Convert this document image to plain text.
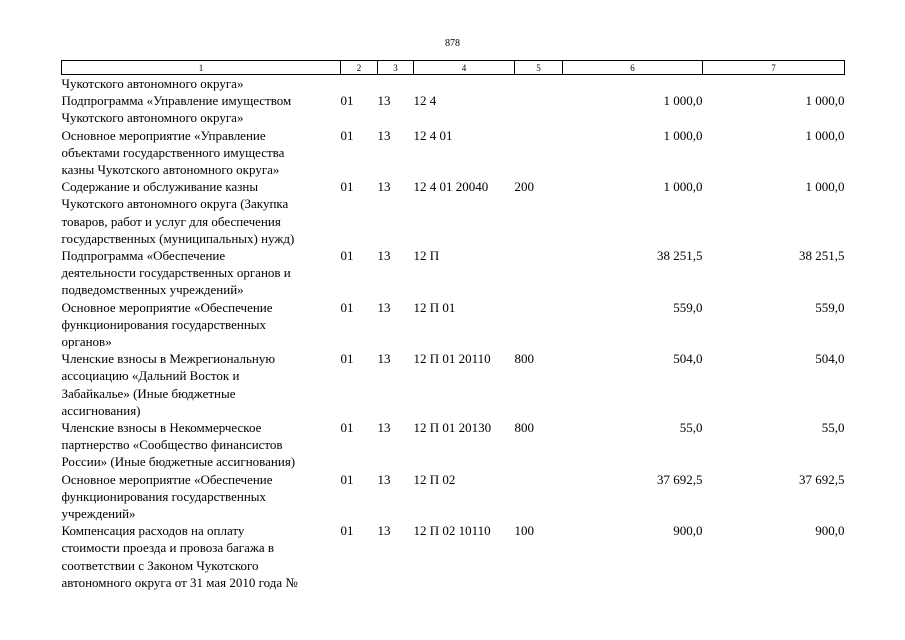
878
1	2	3	4	5	6	7

Чукотского автономного округа»						

Подпрограмма «Управление имуществом
Чукотского автономного округа»	01	13	12 4		1 000,0	1 000,0

Основное мероприятие «Управление
объектами государственного имущества
казны Чукотского автономного округа»	01	13	12 4 01		1 000,0	1 000,0

Содержание и обслуживание казны
Чукотского автономного округа (Закупка
товаров, работ и услуг для обеспечения
государственных (муниципальных) нужд)	01	13	12 4 01 20040	200	1 000,0	1 000,0

Подпрограмма «Обеспечение
деятельности государственных органов и
подведомственных учреждений»	01	13	12 П		38 251,5	38 251,5

Основное мероприятие «Обеспечение
функционирования государственных
органов»	01	13	12 П 01		559,0	559,0

Членские взносы в Межрегиональную
ассоциацию «Дальний Восток и
Забайкалье» (Иные бюджетные
ассигнования)	01	13	12 П 01 20110	800	504,0	504,0

Членские взносы в Некоммерческое
партнерство «Сообщество финансистов
России» (Иные бюджетные ассигнования)	01	13	12 П 01 20130	800	55,0	55,0

Основное мероприятие «Обеспечение
функционирования государственных
учреждений»	01	13	12 П 02		37 692,5	37 692,5

Компенсация расходов на оплату
стоимости проезда и провоза багажа в
соответствии с Законом Чукотского
автономного округа от 31 мая 2010 года №	01	13	12 П 02 10110	100	900,0	900,0
